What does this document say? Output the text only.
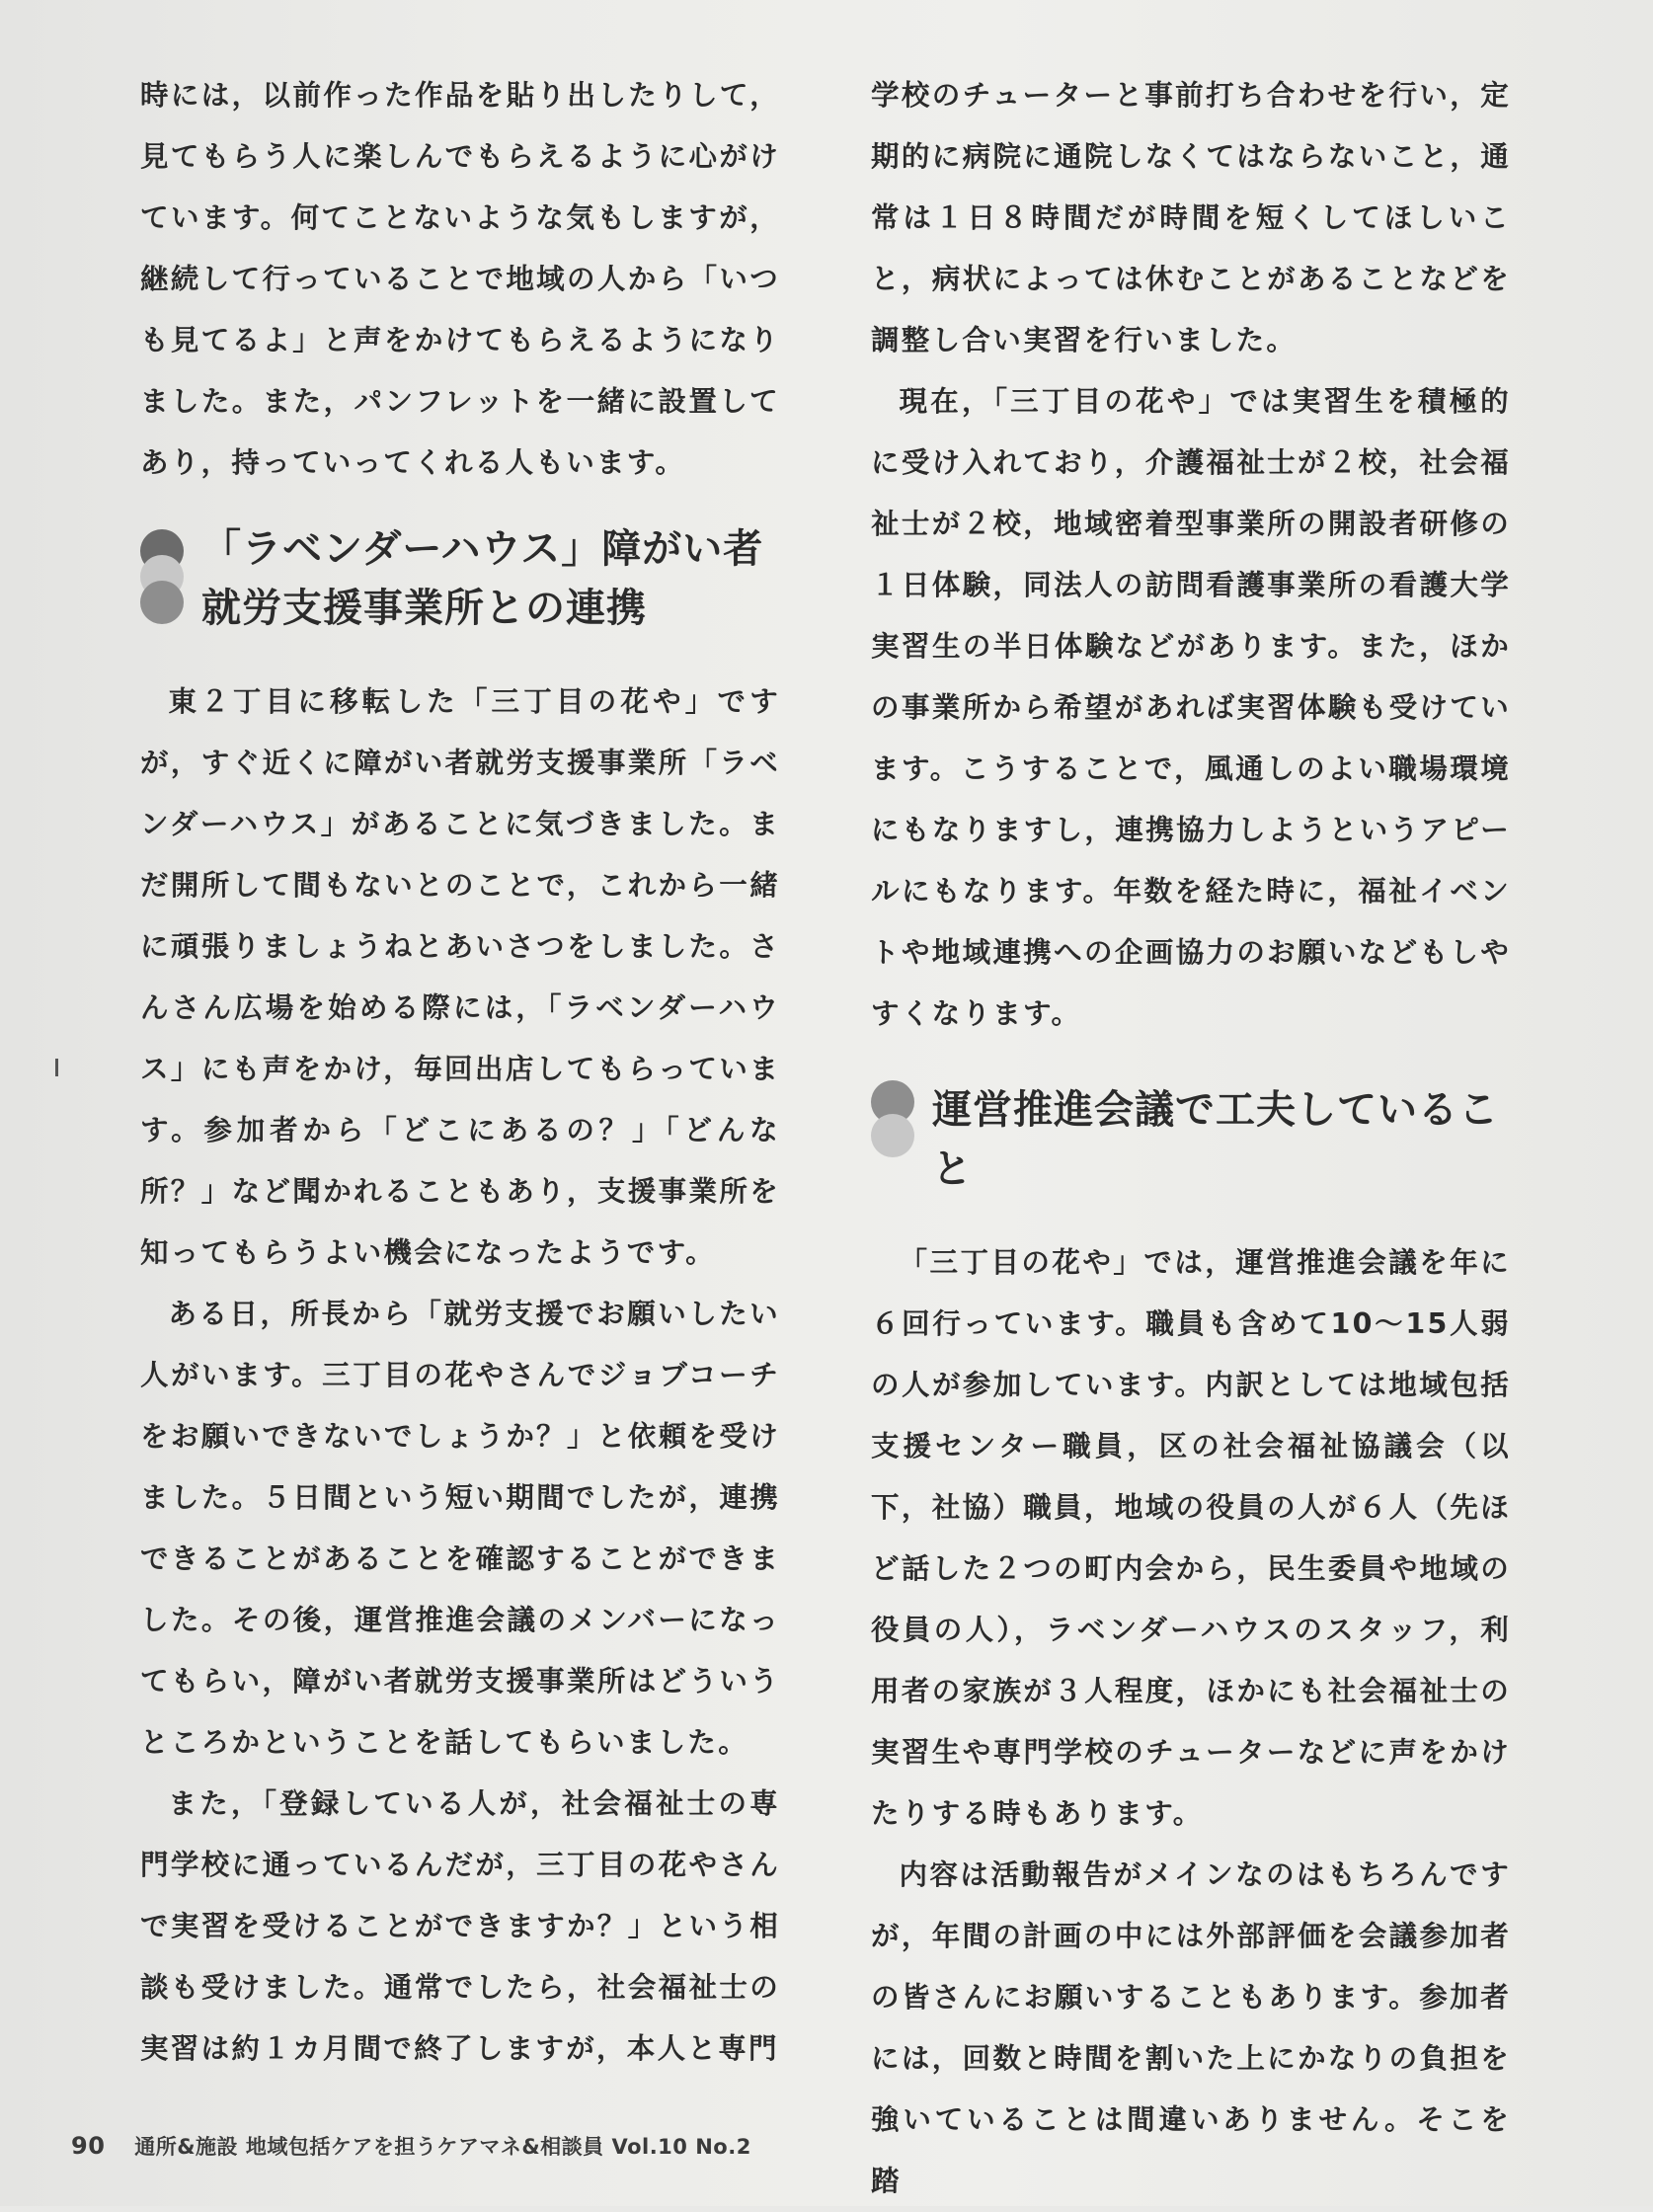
時には，以前作った作品を貼り出したりして，見てもらう人に楽しんでもらえるように心がけています。何てことないような気もしますが，継続して行っていることで地域の人から「いつも見てるよ」と声をかけてもらえるようになりました。また，パンフレットを一緒に設置してあり，持っていってくれる人もいます。

「ラベンダーハウス」障がい者
就労支援事業所との連携

東２丁目に移転した「三丁目の花や」ですが，すぐ近くに障がい者就労支援事業所「ラベンダーハウス」があることに気づきました。まだ開所して間もないとのことで，これから一緒に頑張りましょうねとあいさつをしました。さんさん広場を始める際には，「ラベンダーハウス」にも声をかけ，毎回出店してもらっています。参加者から「どこにあるの？」「どんな所？」など聞かれることもあり，支援事業所を知ってもらうよい機会になったようです。

ある日，所長から「就労支援でお願いしたい人がいます。三丁目の花やさんでジョブコーチをお願いできないでしょうか？」と依頼を受けました。５日間という短い期間でしたが，連携できることがあることを確認することができました。その後，運営推進会議のメンバーになってもらい，障がい者就労支援事業所はどういうところかということを話してもらいました。

また，「登録している人が，社会福祉士の専門学校に通っているんだが，三丁目の花やさんで実習を受けることができますか？」という相談も受けました。通常でしたら，社会福祉士の実習は約１カ月間で終了しますが，本人と専門

学校のチューターと事前打ち合わせを行い，定期的に病院に通院しなくてはならないこと，通常は１日８時間だが時間を短くしてほしいこと，病状によっては休むことがあることなどを調整し合い実習を行いました。

現在，「三丁目の花や」では実習生を積極的に受け入れており，介護福祉士が２校，社会福祉士が２校，地域密着型事業所の開設者研修の１日体験，同法人の訪問看護事業所の看護大学実習生の半日体験などがあります。また，ほかの事業所から希望があれば実習体験も受けています。こうすることで，風通しのよい職場環境にもなりますし，連携協力しようというアピールにもなります。年数を経た時に，福祉イベントや地域連携への企画協力のお願いなどもしやすくなります。

運営推進会議で工夫していること

「三丁目の花や」では，運営推進会議を年に６回行っています。職員も含めて10～15人弱の人が参加しています。内訳としては地域包括支援センター職員，区の社会福祉協議会（以下，社協）職員，地域の役員の人が６人（先ほど話した２つの町内会から，民生委員や地域の役員の人），ラベンダーハウスのスタッフ，利用者の家族が３人程度，ほかにも社会福祉士の実習生や専門学校のチューターなどに声をかけたりする時もあります。

内容は活動報告がメインなのはもちろんですが，年間の計画の中には外部評価を会議参加者の皆さんにお願いすることもあります。参加者には，回数と時間を割いた上にかなりの負担を強いていることは間違いありません。そこを踏

90 通所&施設 地域包括ケアを担うケアマネ&相談員 Vol.10 No.2
